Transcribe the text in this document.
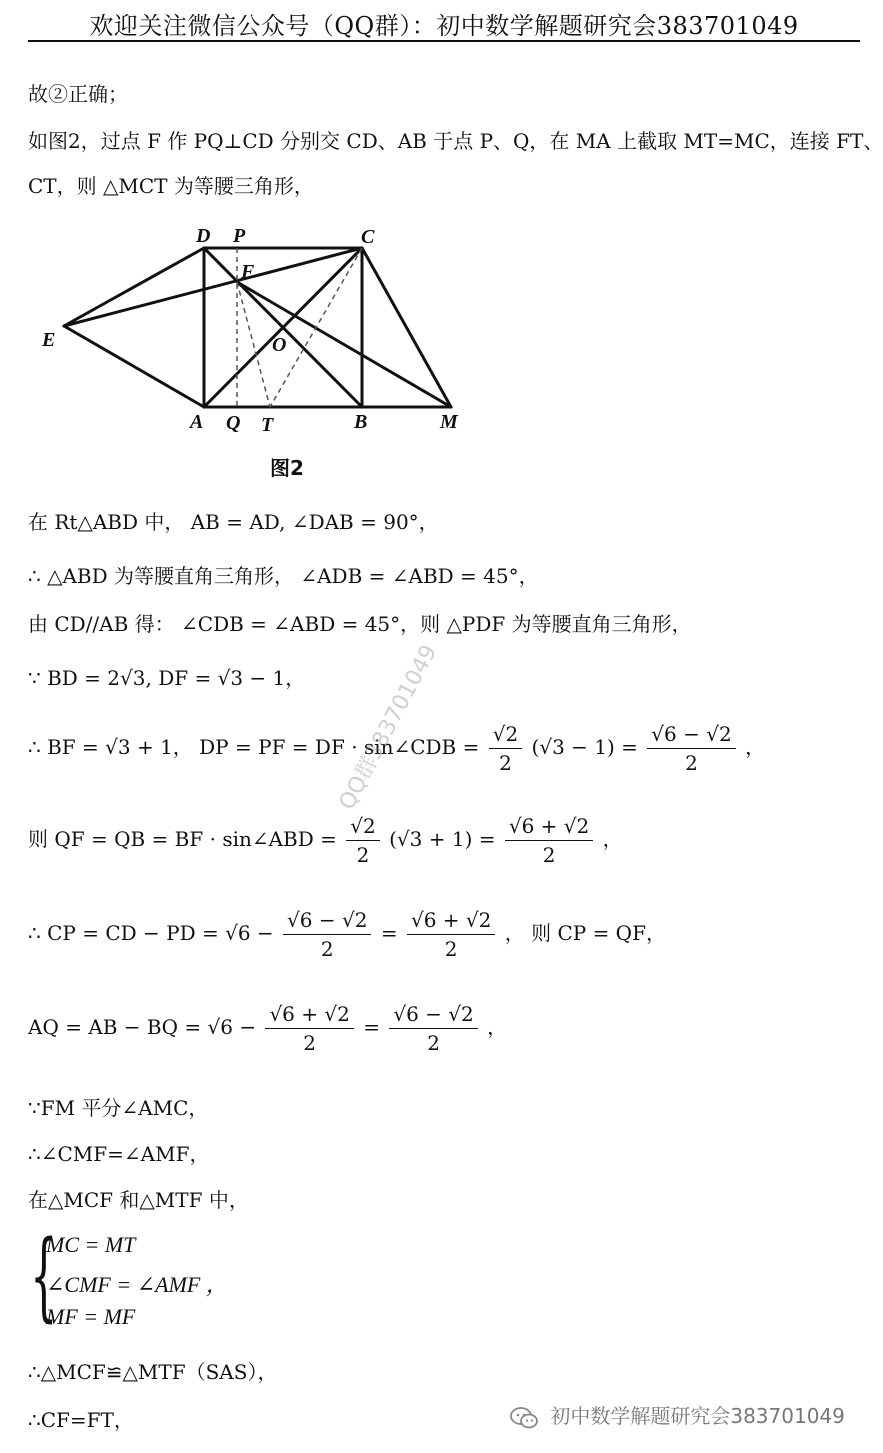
欢迎关注微信公众号（QQ群）：初中数学解题研究会383701049
故②正确；
如图2，过点 F 作 PQ⊥CD 分别交 CD、AB 于点 P、Q，在 MA 上截取 MT=MC，连接 FT、
CT，则 △MCT 为等腰三角形，
D P	C
F
E	O
A Q T	B	M
图2
在 Rt△ABD 中， AB = AD, ∠DAB = 90°，
∴ △ABD 为等腰直角三角形， ∠ADB = ∠ABD = 45°，
由 CD//AB 得： ∠CDB = ∠ABD = 45°，则 △PDF 为等腰直角三角形，
∵ BD = 2√3, DF = √3 − 1，
∴ BF = √3 + 1， DP = PF = DF · sin∠CDB = $\frac{√2}{2} (√3 - 1) = \frac{√6 - √2}{2}$ ，
则 QF = QB = BF · sin∠ABD = $\frac{√2}{2} (√3 + 1) = \frac{√6 + √2}{2}$ ，
∴ CP = CD − PD = $√6 - \frac{√6 - √2}{2} = \frac{√6 + √2}{2}$ ， 则 CP = QF，
AQ = AB − BQ = $√6 - \frac{√6 + √2}{2} = \frac{√6 - √2}{2}$ ，
∵FM 平分∠AMC，
∴∠CMF=∠AMF，
在△MCF 和△MTF 中，
{
MC = MT
∠CMF = ∠AMF ，
MF = MF
∴△MCF≌△MTF（SAS），
∴CF=FT，
QQ群383701049
初中数学解题研究会383701049
